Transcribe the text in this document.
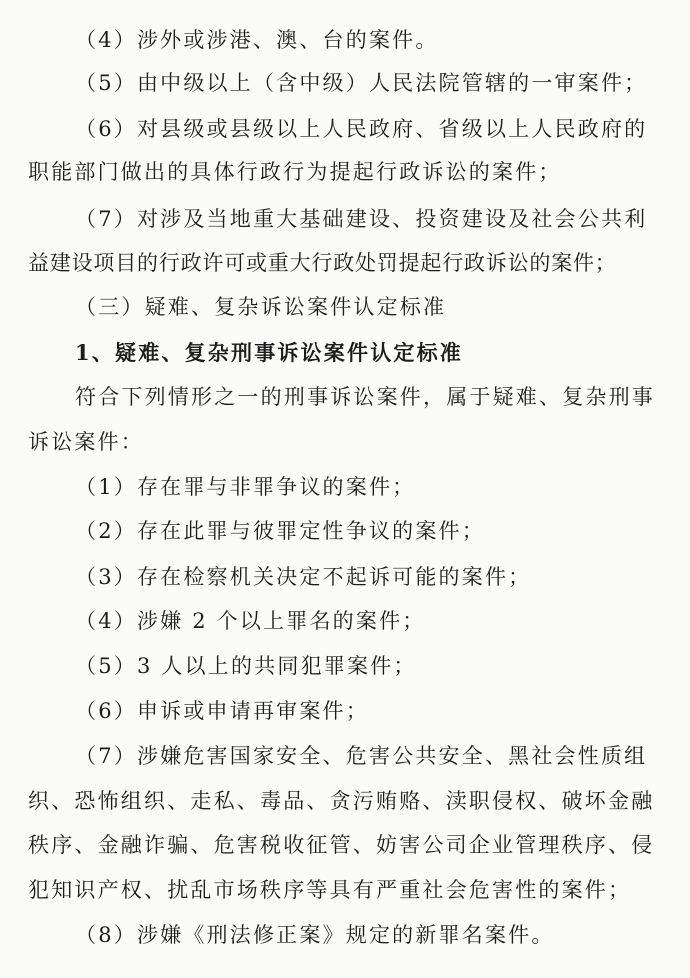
（4）涉外或涉港、澳、台的案件。
（5）由中级以上（含中级）人民法院管辖的一审案件；
（6）对县级或县级以上人民政府、省级以上人民政府的
职能部门做出的具体行政行为提起行政诉讼的案件；
（7）对涉及当地重大基础建设、投资建设及社会公共利
益建设项目的行政许可或重大行政处罚提起行政诉讼的案件；
（三）疑难、复杂诉讼案件认定标准
1、疑难、复杂刑事诉讼案件认定标准
符合下列情形之一的刑事诉讼案件，属于疑难、复杂刑事
诉讼案件：
（1）存在罪与非罪争议的案件；
（2）存在此罪与彼罪定性争议的案件；
（3）存在检察机关决定不起诉可能的案件；
（4）涉嫌 2 个以上罪名的案件；
（5）3 人以上的共同犯罪案件；
（6）申诉或申请再审案件；
（7）涉嫌危害国家安全、危害公共安全、黑社会性质组
织、恐怖组织、走私、毒品、贪污贿赂、渎职侵权、破坏金融
秩序、金融诈骗、危害税收征管、妨害公司企业管理秩序、侵
犯知识产权、扰乱市场秩序等具有严重社会危害性的案件；
（8）涉嫌《刑法修正案》规定的新罪名案件。
